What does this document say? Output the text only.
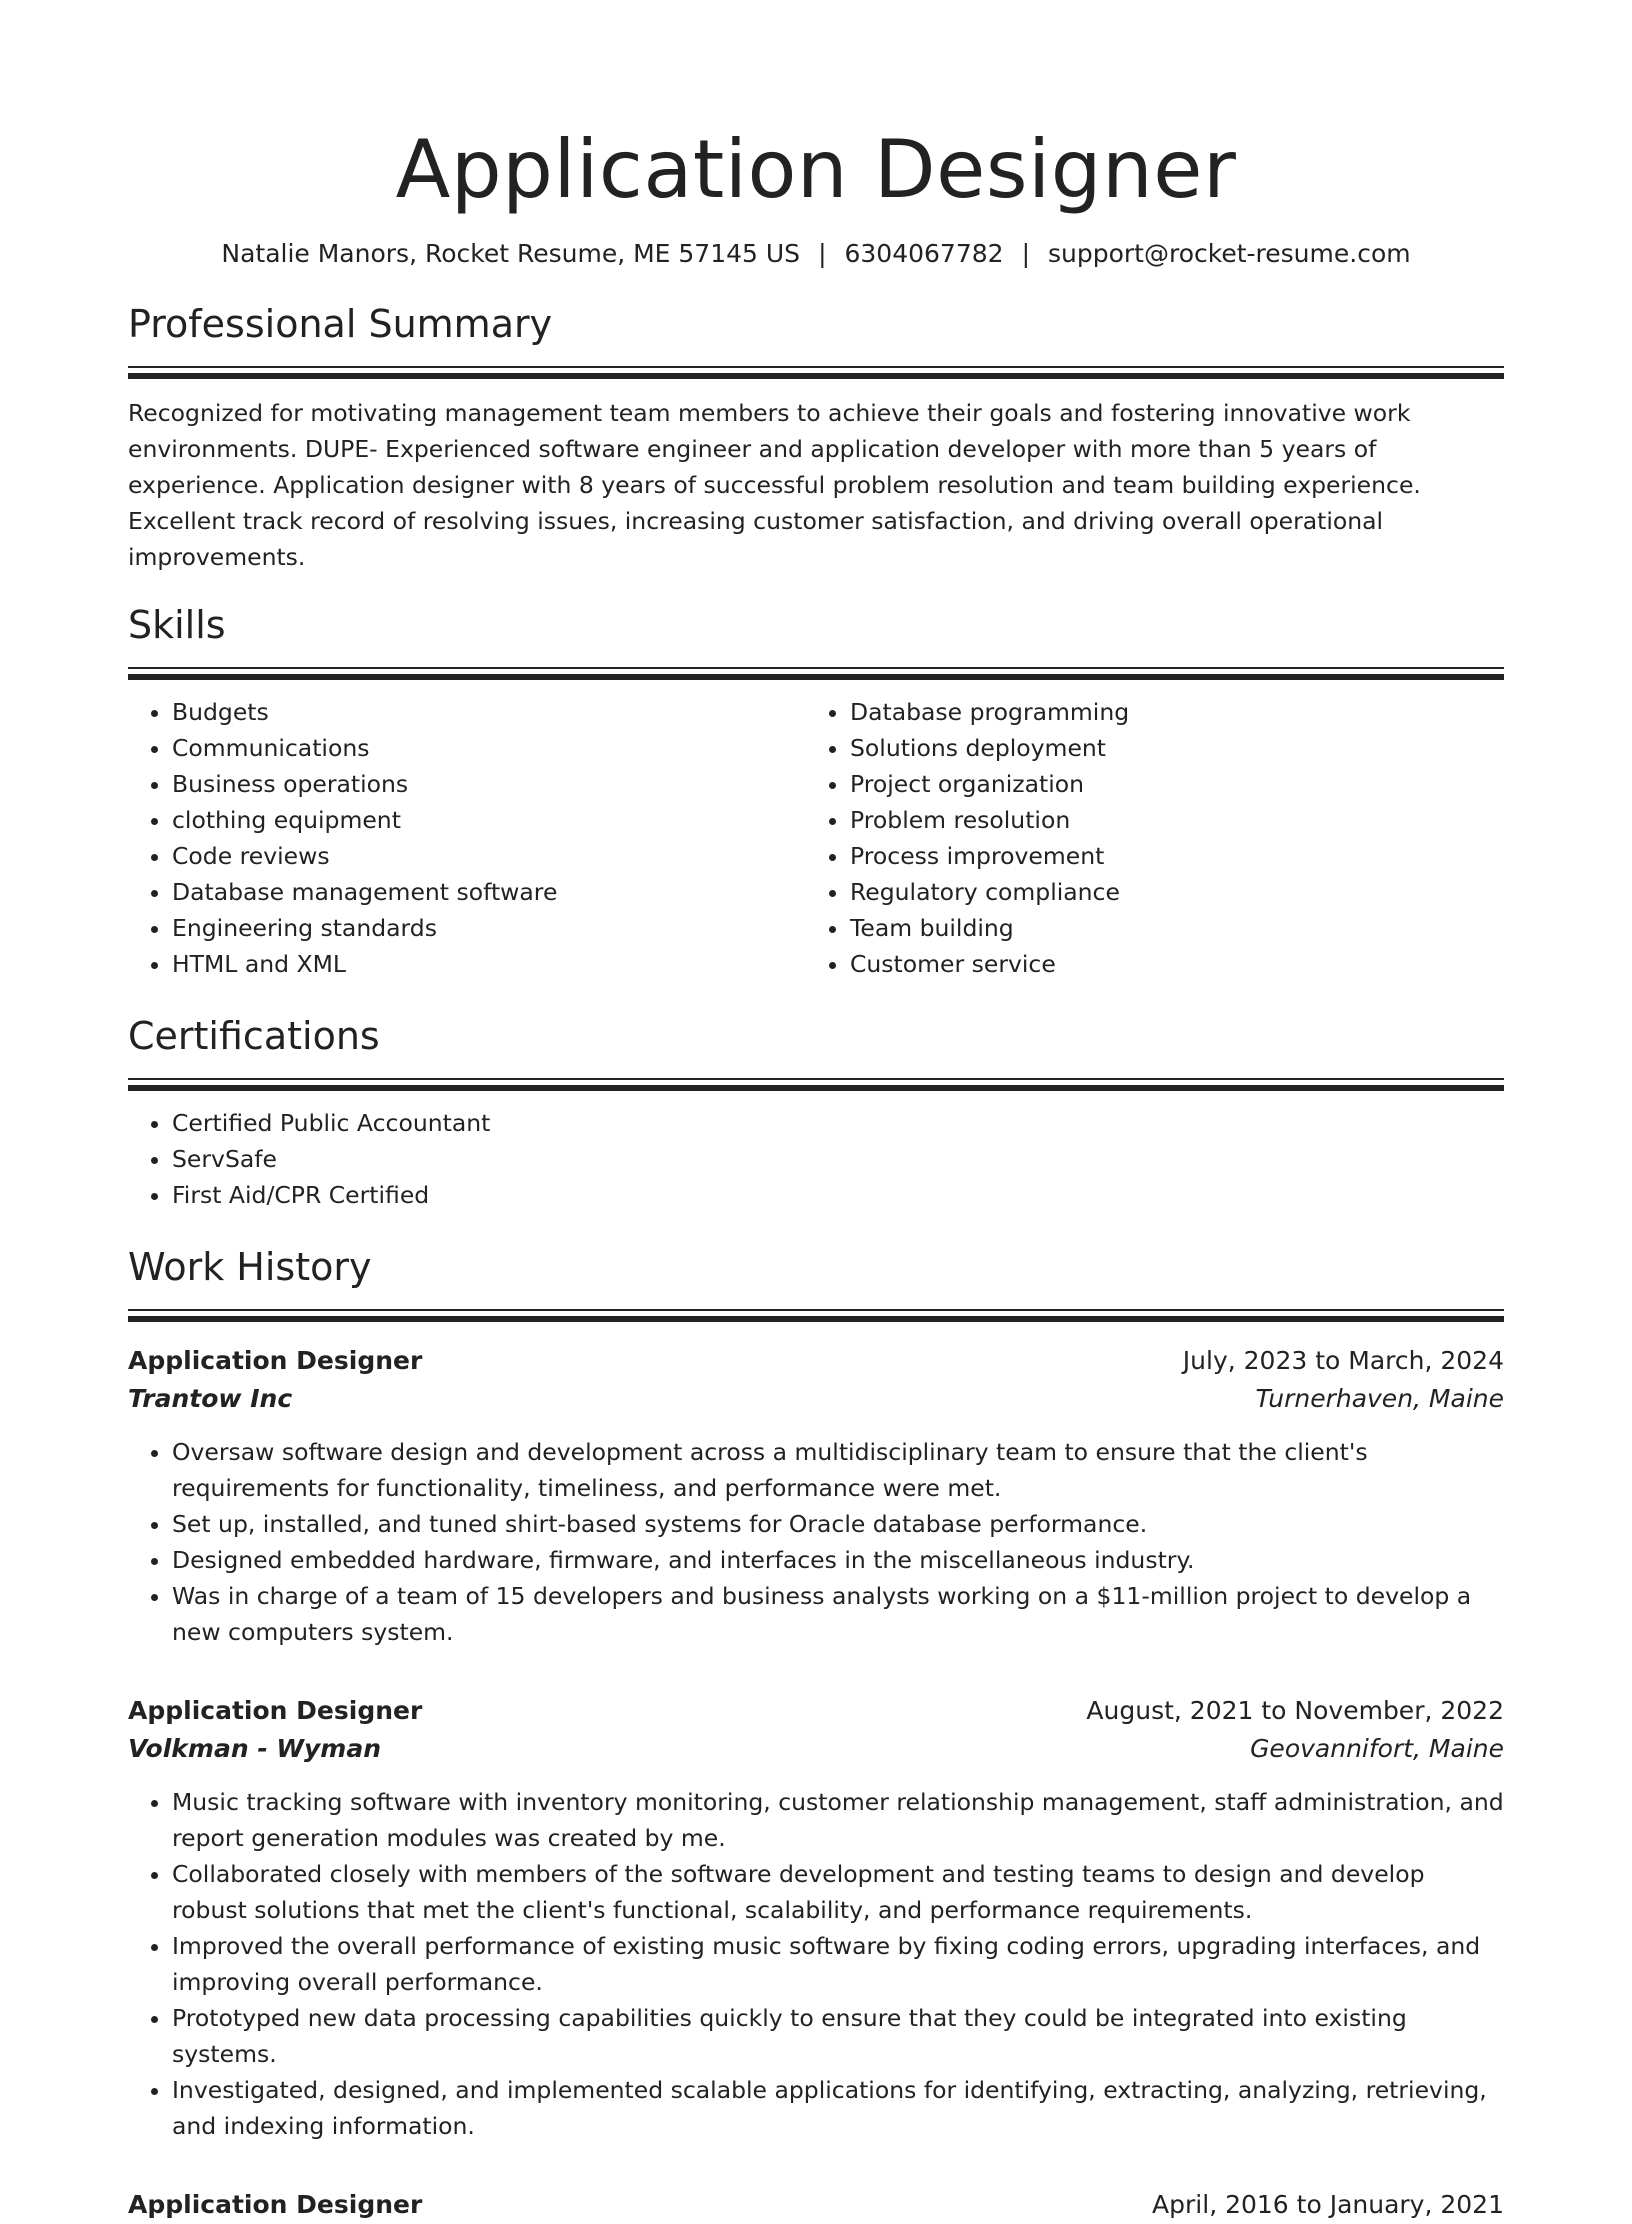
Application Designer
Natalie Manors, Rocket Resume, ME 57145 US | 6304067782 | support@rocket-resume.com
Professional Summary

Recognized for motivating management team members to achieve their goals and fostering innovative work environments. DUPE- Experienced software engineer and application developer with more than 5 years of experience. Application designer with 8 years of successful problem resolution and team building experience. Excellent track record of resolving issues, increasing customer satisfaction, and driving overall operational improvements.

Skills
• Budgets
• Communications
• Business operations
• clothing equipment
• Code reviews
• Database management software
• Engineering standards
• HTML and XML
• Database programming
• Solutions deployment
• Project organization
• Problem resolution
• Process improvement
• Regulatory compliance
• Team building
• Customer service
Certifications
• Certified Public Accountant
• ServSafe
• First Aid/CPR Certified
Work History
Application Designer	July, 2023 to March, 2024
Trantow Inc	Turnerhaven, Maine
• Oversaw software design and development across a multidisciplinary team to ensure that the client's requirements for functionality, timeliness, and performance were met.
• Set up, installed, and tuned shirt-based systems for Oracle database performance.
• Designed embedded hardware, firmware, and interfaces in the miscellaneous industry.
• Was in charge of a team of 15 developers and business analysts working on a $11-million project to develop a new computers system.
Application Designer	August, 2021 to November, 2022
Volkman - Wyman	Geovannifort, Maine
• Music tracking software with inventory monitoring, customer relationship management, staff administration, and report generation modules was created by me.
• Collaborated closely with members of the software development and testing teams to design and develop robust solutions that met the client's functional, scalability, and performance requirements.
• Improved the overall performance of existing music software by fixing coding errors, upgrading interfaces, and improving overall performance.
• Prototyped new data processing capabilities quickly to ensure that they could be integrated into existing systems.
• Investigated, designed, and implemented scalable applications for identifying, extracting, analyzing, retrieving, and indexing information.
Application Designer	April, 2016 to January, 2021
